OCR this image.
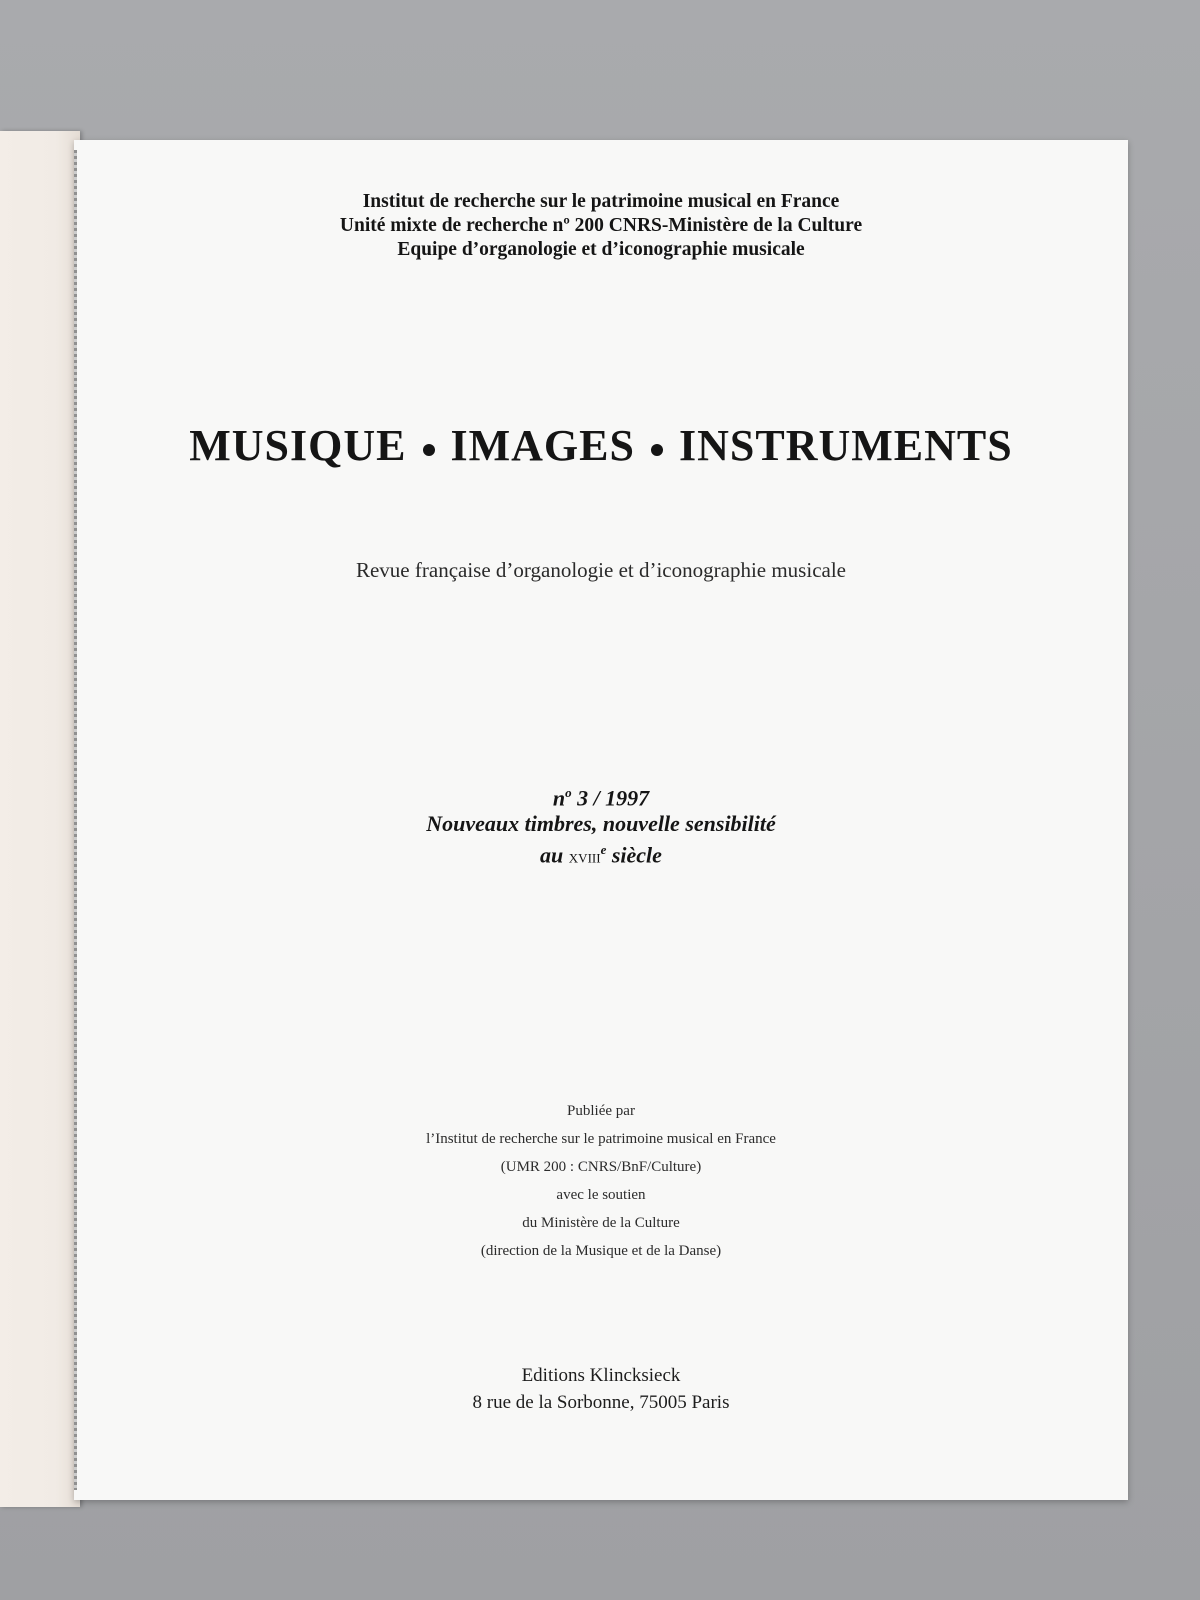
Institut de recherche sur le patrimoine musical en France
Unité mixte de recherche nº 200 CNRS-Ministère de la Culture
Equipe d’organologie et d’iconographie musicale
MUSIQUE IMAGES INSTRUMENTS
Revue française d’organologie et d’iconographie musicale
$n^o$ 3 / 1997
Nouveaux timbres, nouvelle sensibilité
au xviii$^e$ siècle
Publiée par
l’Institut de recherche sur le patrimoine musical en France
(UMR 200 : CNRS/BnF/Culture)
avec le soutien
du Ministère de la Culture
(direction de la Musique et de la Danse)
Editions Klincksieck
8 rue de la Sorbonne, 75005 Paris
